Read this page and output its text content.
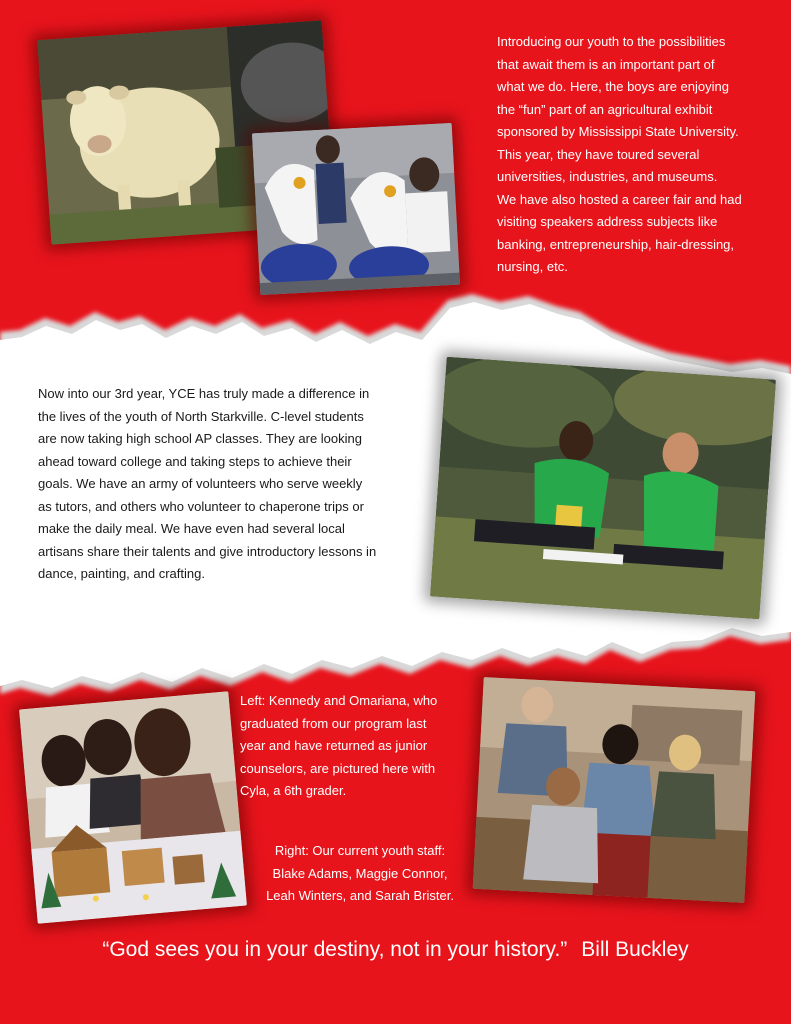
Introducing our youth to the possibilities
that await them is an important part of
what we do. Here, the boys are enjoying
the “fun” part of an agricultural exhibit
sponsored by Mississippi State University.
This year, they have toured several
universities, industries, and museums.
We have also hosted a career fair and had
visiting speakers address subjects like
banking, entrepreneurship, hair-dressing,
nursing, etc.
Now into our 3rd year, YCE has truly made a difference in
the lives of the youth of North Starkville. C-level students
are now taking high school AP classes. They are looking
ahead toward college and taking steps to achieve their
goals. We have an army of volunteers who serve weekly
as tutors, and others who volunteer to chaperone trips or
make the daily meal. We have even had several local
artisans share their talents and give introductory lessons in
dance, painting, and crafting.
Left: Kennedy and Omariana, who
graduated from our program last
year and have returned as junior
counselors, are pictured here with
Cyla, a 6th grader.
Right: Our current youth staff:
Blake Adams, Maggie Connor,
Leah Winters, and Sarah Brister.
“God sees you in your destiny, not in your history.” Bill Buckley
